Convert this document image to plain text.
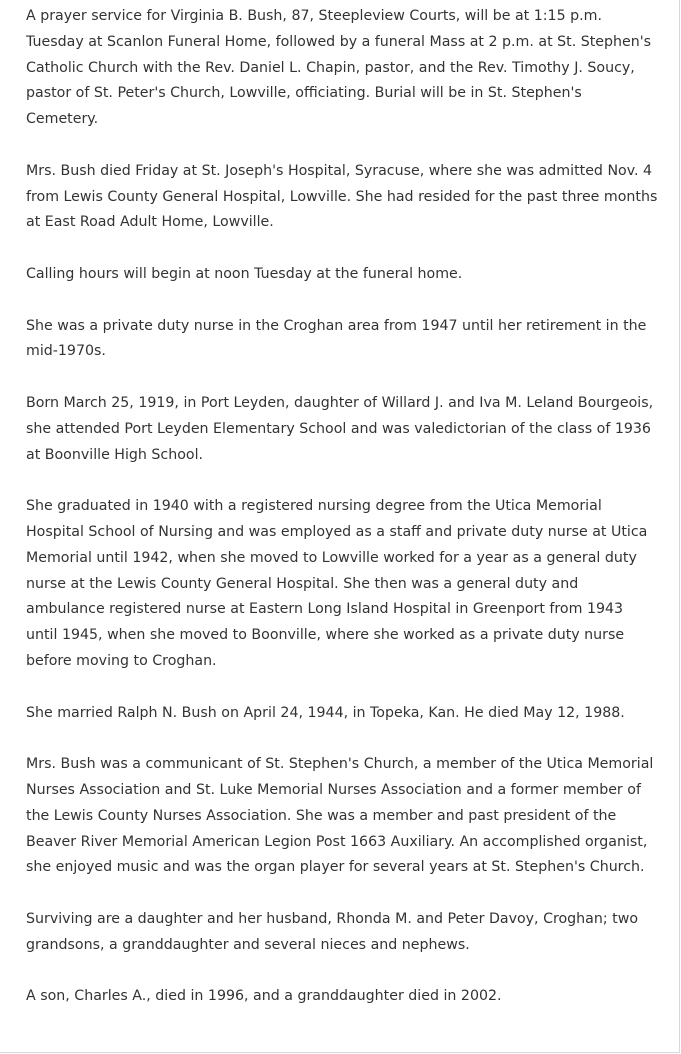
A prayer service for Virginia B. Bush, 87, Steepleview Courts, will be at 1:15 p.m. Tuesday at Scanlon Funeral Home, followed by a funeral Mass at 2 p.m. at St. Stephen's Catholic Church with the Rev. Daniel L. Chapin, pastor, and the Rev. Timothy J. Soucy, pastor of St. Peter's Church, Lowville, officiating. Burial will be in St. Stephen's Cemetery.

Mrs. Bush died Friday at St. Joseph's Hospital, Syracuse, where she was admitted Nov. 4 from Lewis County General Hospital, Lowville. She had resided for the past three months at East Road Adult Home, Lowville.

Calling hours will begin at noon Tuesday at the funeral home.

She was a private duty nurse in the Croghan area from 1947 until her retirement in the mid-1970s.

Born March 25, 1919, in Port Leyden, daughter of Willard J. and Iva M. Leland Bourgeois, she attended Port Leyden Elementary School and was valedictorian of the class of 1936 at Boonville High School.

She graduated in 1940 with a registered nursing degree from the Utica Memorial Hospital School of Nursing and was employed as a staff and private duty nurse at Utica Memorial until 1942, when she moved to Lowville worked for a year as a general duty nurse at the Lewis County General Hospital. She then was a general duty and ambulance registered nurse at Eastern Long Island Hospital in Greenport from 1943 until 1945, when she moved to Boonville, where she worked as a private duty nurse before moving to Croghan.

She married Ralph N. Bush on April 24, 1944, in Topeka, Kan. He died May 12, 1988.

Mrs. Bush was a communicant of St. Stephen's Church, a member of the Utica Memorial Nurses Association and St. Luke Memorial Nurses Association and a former member of the Lewis County Nurses Association. She was a member and past president of the Beaver River Memorial American Legion Post 1663 Auxiliary. An accomplished organist, she enjoyed music and was the organ player for several years at St. Stephen's Church.

Surviving are a daughter and her husband, Rhonda M. and Peter Davoy, Croghan; two grandsons, a granddaughter and several nieces and nephews.

A son, Charles A., died in 1996, and a granddaughter died in 2002.
